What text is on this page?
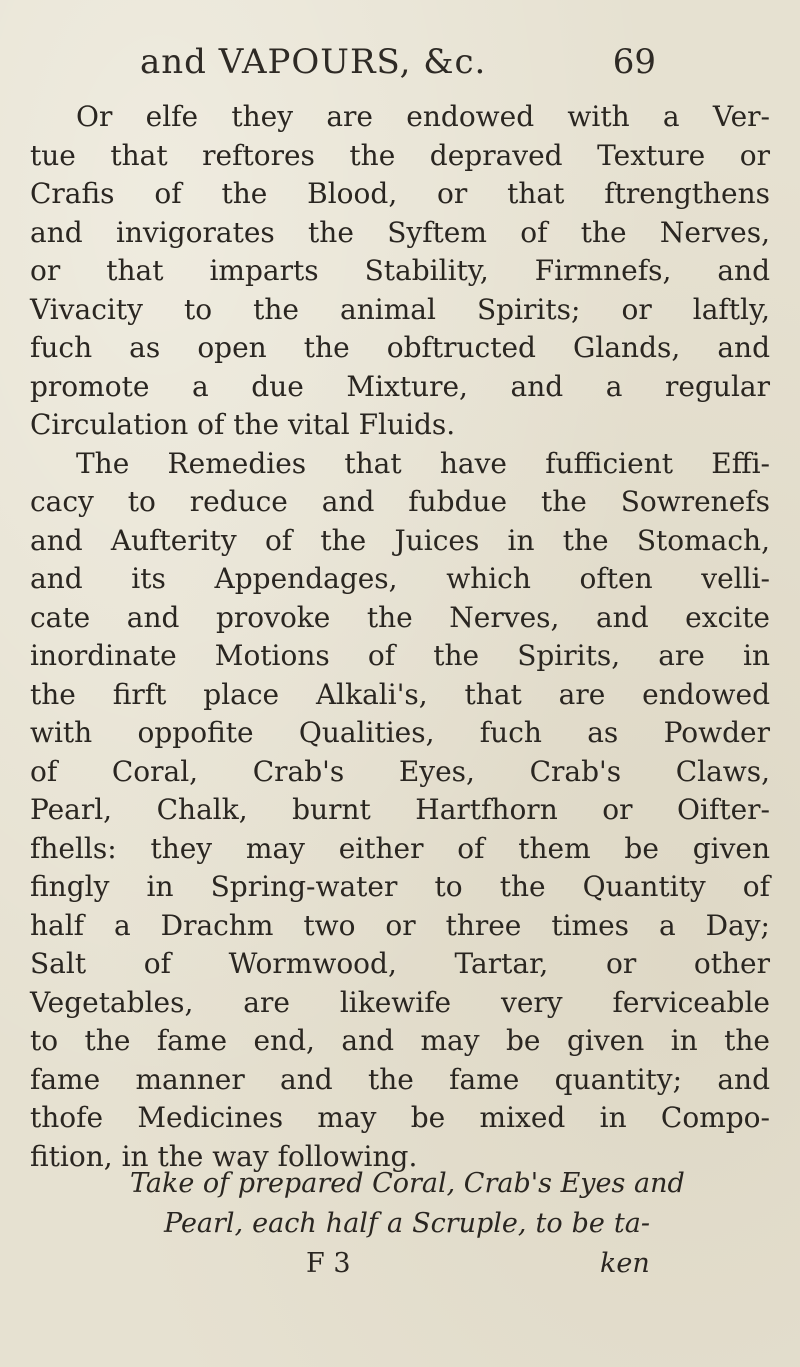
and VAPOURS, &c.	69
Or elfe they are endowed with a Ver-
tue that reftores the depraved Texture or
Crafis of the Blood, or that ftrengthens
and invigorates the Syftem of the Nerves,
or that imparts Stability, Firmnefs, and
Vivacity to the animal Spirits; or laftly,
fuch as open the obftructed Glands, and
promote a due Mixture, and a regular
Circulation of the vital Fluids.
The Remedies that have fufficient Effi-
cacy to reduce and fubdue the Sowrenefs
and Aufterity of the Juices in the Stomach,
and its Appendages, which often velli-
cate and provoke the Nerves, and excite
inordinate Motions of the Spirits, are in
the firft place Alkali's, that are endowed
with oppofite Qualities, fuch as Powder
of Coral, Crab's Eyes, Crab's Claws,
Pearl, Chalk, burnt Hartfhorn or Oifter-
fhells: they may either of them be given
fingly in Spring-water to the Quantity of
half a Drachm two or three times a Day;
Salt of Wormwood, Tartar, or other
Vegetables, are likewife very ferviceable
to the fame end, and may be given in the
fame manner and the fame quantity; and
thofe Medicines may be mixed in Compo-
fition, in the way following.
Take of prepared Coral, Crab's Eyes and
Pearl, each half a Scruple, to be ta-
F 3	ken
